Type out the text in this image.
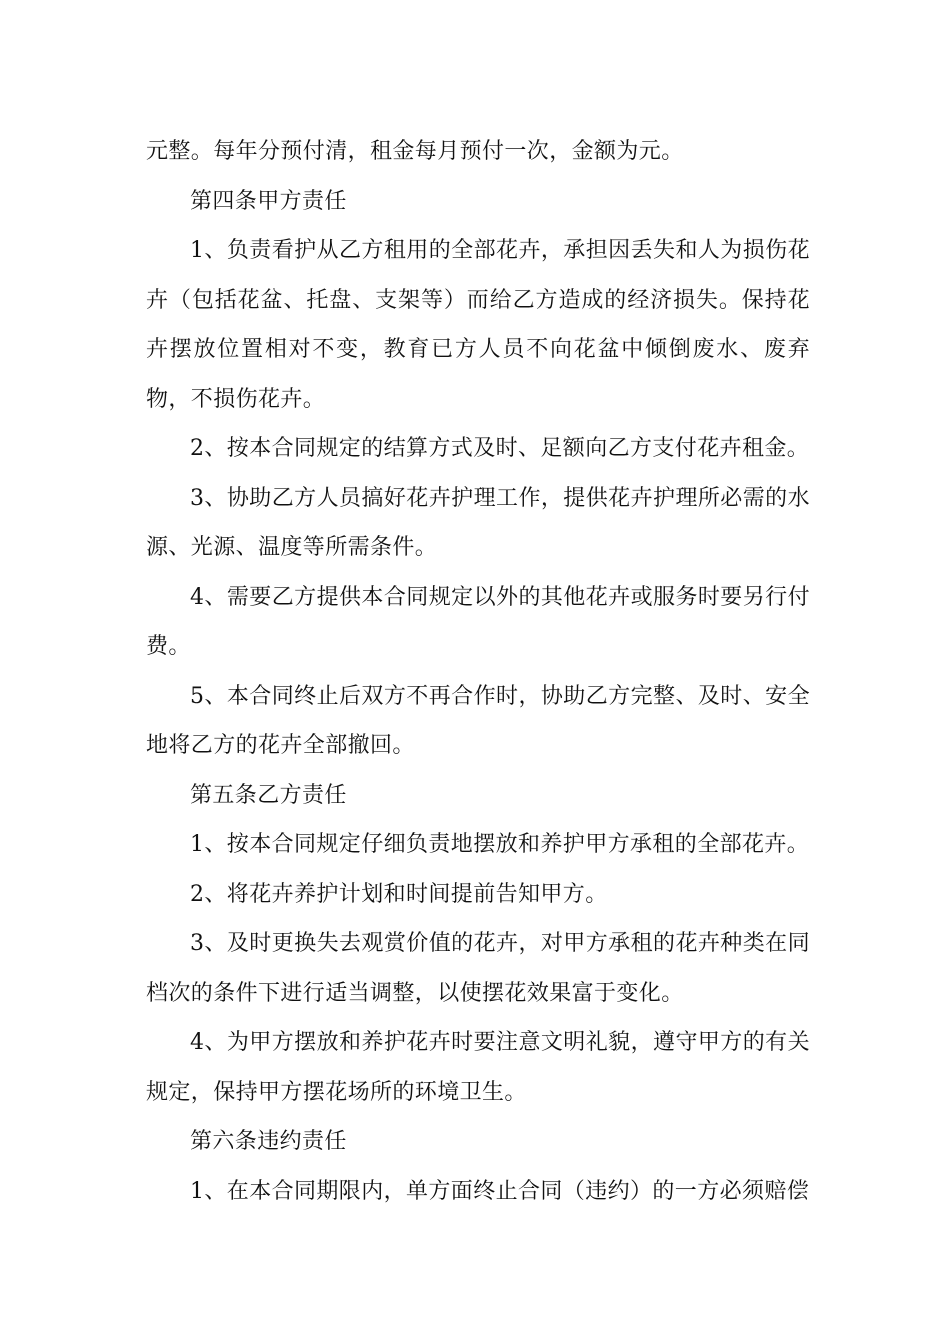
元整。每年分预付清，租金每月预付一次，金额为元。

第四条甲方责任

1、负责看护从乙方租用的全部花卉，承担因丢失和人为损伤花卉（包括花盆、托盘、支架等）而给乙方造成的经济损失。保持花卉摆放位置相对不变，教育已方人员不向花盆中倾倒废水、废弃物，不损伤花卉。

2、按本合同规定的结算方式及时、足额向乙方支付花卉租金。

3、协助乙方人员搞好花卉护理工作，提供花卉护理所必需的水源、光源、温度等所需条件。

4、需要乙方提供本合同规定以外的其他花卉或服务时要另行付费。

5、本合同终止后双方不再合作时，协助乙方完整、及时、安全地将乙方的花卉全部撤回。

第五条乙方责任

1、按本合同规定仔细负责地摆放和养护甲方承租的全部花卉。

2、将花卉养护计划和时间提前告知甲方。

3、及时更换失去观赏价值的花卉，对甲方承租的花卉种类在同档次的条件下进行适当调整，以使摆花效果富于变化。

4、为甲方摆放和养护花卉时要注意文明礼貌，遵守甲方的有关规定，保持甲方摆花场所的环境卫生。

第六条违约责任

1、在本合同期限内，单方面终止合同（违约）的一方必须赔偿
